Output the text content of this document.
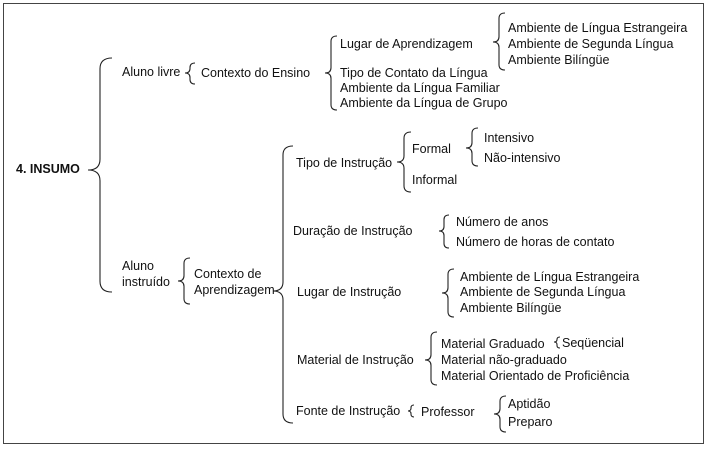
4. INSUMO
Aluno livre Contexto do Ensino
Lugar de Aprendizagem
Ambiente de Língua Estrangeira
Ambiente de Segunda Língua
Ambiente Bilíngüe
Tipo de Contato da Língua
Ambiente da Língua Familiar
Ambiente da Língua de Grupo
Aluno
instruído
Contexto de
Aprendizagem
Tipo de Instrução
Formal
Intensivo
Não-intensivo
Informal
Duração de Instrução
Número de anos
Número de horas de contato
Lugar de Instrução
Ambiente de Língua Estrangeira
Ambiente de Segunda Língua
Ambiente Bilíngüe
Material de Instrução
Material Graduado Seqüencial
Material não-graduado
Material Orientado de Proficiência
Fonte de Instrução Professor
Aptidão
Preparo
